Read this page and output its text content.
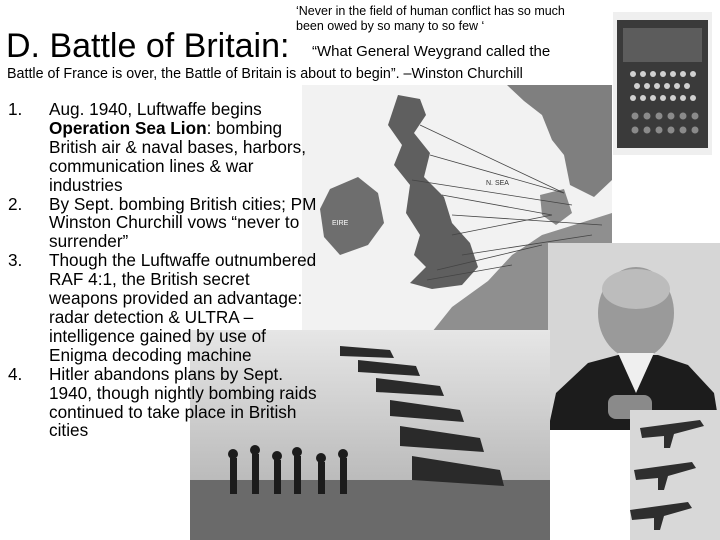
D. Battle of Britain:
‘Never in the field of human conflict has so much been owed by so many to so few ‘
“What General Weygrand called the
Battle of France is over, the Battle of Britain is about to begin”. –Winston Churchill
EIRE
N. SEA
1. Aug. 1940, Luftwaffe begins Operation Sea Lion: bombing British air & naval bases, harbors, communication lines & war industries
2. By Sept. bombing British cities; PM Winston Churchill vows “never to surrender”
3. Though the Luftwaffe outnumbered RAF 4:1, the British secret weapons provided an advantage: radar detection & ULTRA – intelligence gained by use of Enigma decoding machine
4. Hitler abandons plans by Sept. 1940, though nightly bombing raids continued to take place in British cities
